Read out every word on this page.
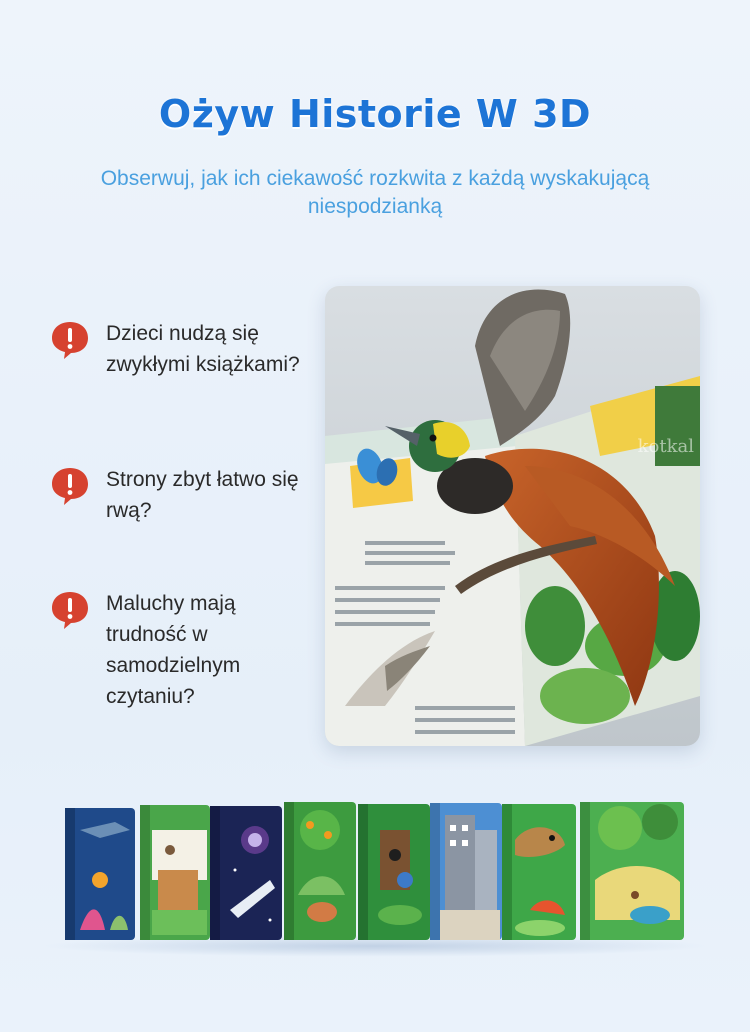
Ożyw Historie W 3D
Obserwuj, jak ich ciekawość rozkwita z każdą wyskakującą niespodzianką
Dzieci nudzą się zwykłymi książkami?
Strony zbyt łatwo się rwą?
Maluchy mają trudność w samodzielnym czytaniu?
kotkal
